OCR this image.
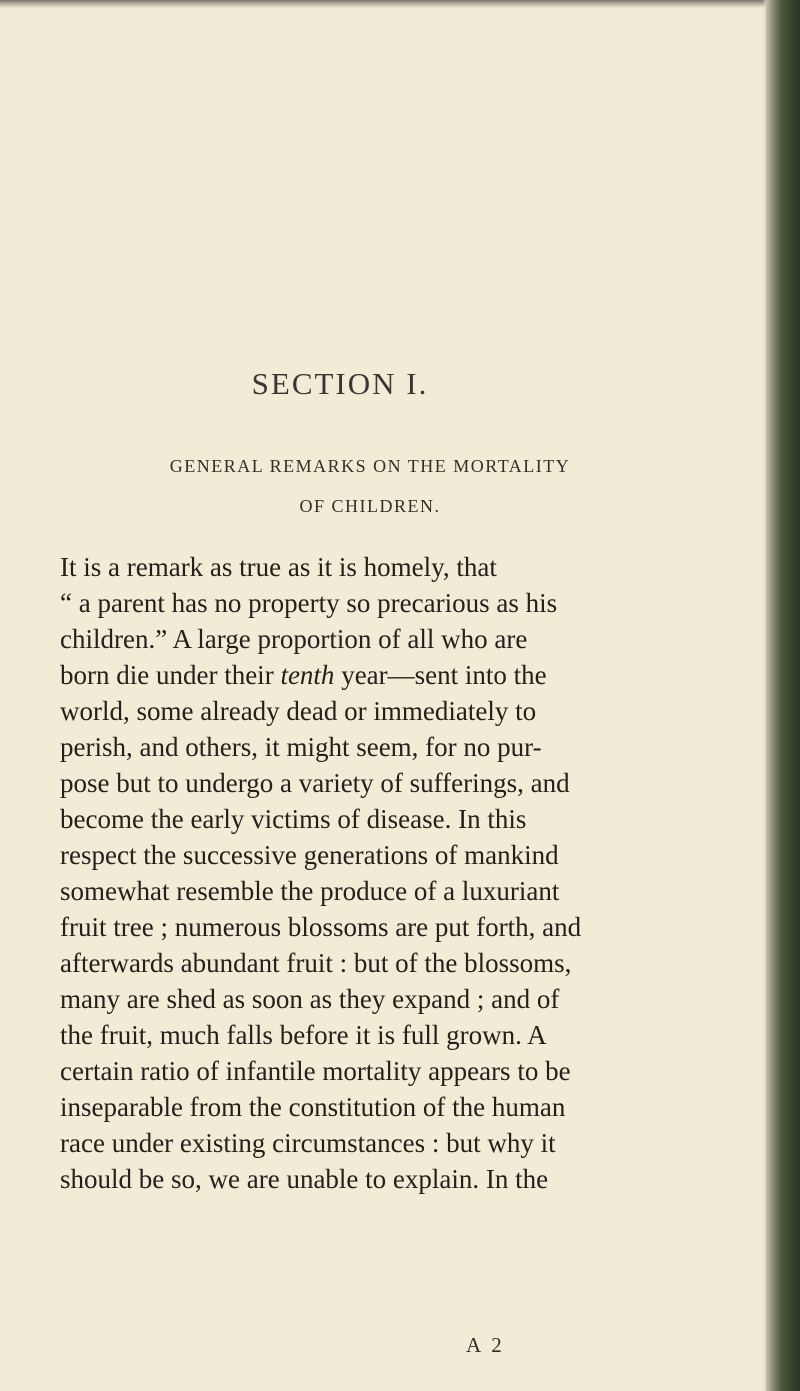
SECTION I.

GENERAL REMARKS ON THE MORTALITY

OF CHILDREN.

It is a remark as true as it is homely, that
“ a parent has no property so precarious as his
children.” A large proportion of all who are
born die under their tenth year—sent into the
world, some already dead or immediately to
perish, and others, it might seem, for no pur-
pose but to undergo a variety of sufferings, and
become the early victims of disease. In this
respect the successive generations of mankind
somewhat resemble the produce of a luxuriant
fruit tree ; numerous blossoms are put forth, and
afterwards abundant fruit : but of the blossoms,
many are shed as soon as they expand ; and of
the fruit, much falls before it is full grown. A
certain ratio of infantile mortality appears to be
inseparable from the constitution of the human
race under existing circumstances : but why it
should be so, we are unable to explain. In the
A 2
